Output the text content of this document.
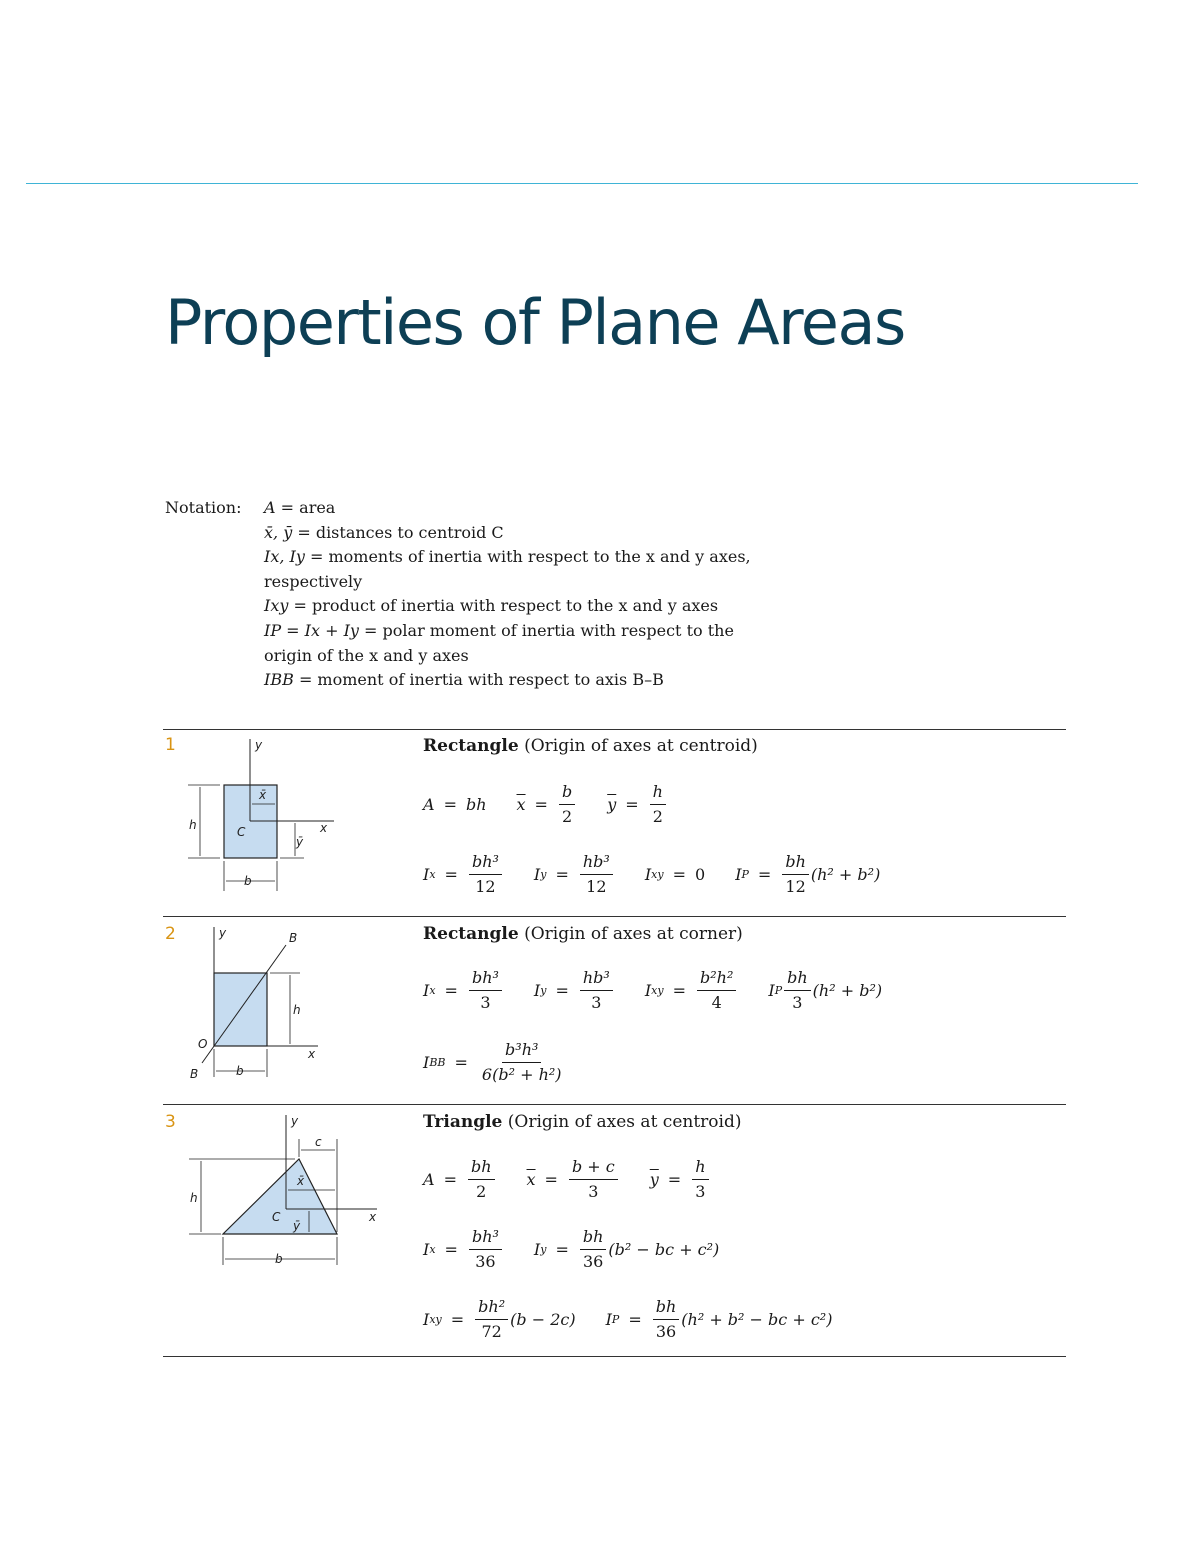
Properties of Plane Areas
Notation: A = area
x̄, ȳ = distances to centroid C
Ix, Iy = moments of inertia with respect to the x and y axes,
respectively
Ixy = product of inertia with respect to the x and y axes
IP = Ix + Iy = polar moment of inertia with respect to the
origin of the x and y axes
IBB = moment of inertia with respect to axis B–B
1	y
x
x̄
ȳ
h
b
C
Rectangle (Origin of axes at centroid)
A = bh $\overline{x} = \frac{b}{2} \overline{y} = \frac{h}{2}$
I $x = \frac{\text{bh³}}{12}$ I $y = \frac{\text{hb³}}{12}$ I xy = 0 I $P = \frac{bh}{12} (h^2 + b^2)$
2	y	B
x
O
B
h
b
Rectangle (Origin of axes at corner)
I $x = \frac{\text{bh³}}{3}$ I $y = \frac{\text{hb³}}{3}$ I xy = $\frac{\text{b²h²}}{4}$ I P $\frac{bh}{3} (h^2 + b^2)$
I BB = $\frac{\text{b³h³}}{\text{6(b² + h²)}}$
3	y
x
c
x̄
ȳ
C
h
b
Triangle (Origin of axes at centroid)
$A = \frac{bh}{2} \overline{x} = \frac{b + c}{3} \overline{y} = \frac{h}{3}$
I $x = \frac{\text{bh³}}{36}$ I $y = \frac{bh}{36} (b^2$ − bc + c²)
I xy = $\frac{\text{bh²}}{72} (b - 2c)$ I $P = \frac{bh}{36} (h^2 + b^2$ − bc + c²)
